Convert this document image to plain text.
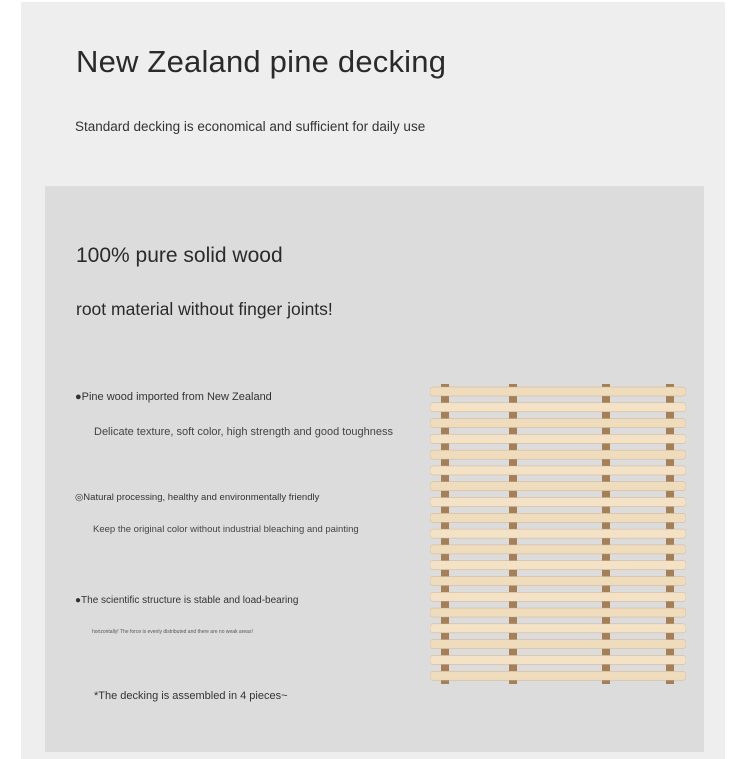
New Zealand pine decking
Standard decking is economical and sufficient for daily use
100% pure solid wood
root material without finger joints!
●Pine wood imported from New Zealand
Delicate texture, soft color, high strength and good toughness
◎Natural processing, healthy and environmentally friendly
Keep the original color without industrial bleaching and painting
●The scientific structure is stable and load-bearing
horizontally! The force is evenly distributed and there are no weak areas!
*The decking is assembled in 4 pieces~
